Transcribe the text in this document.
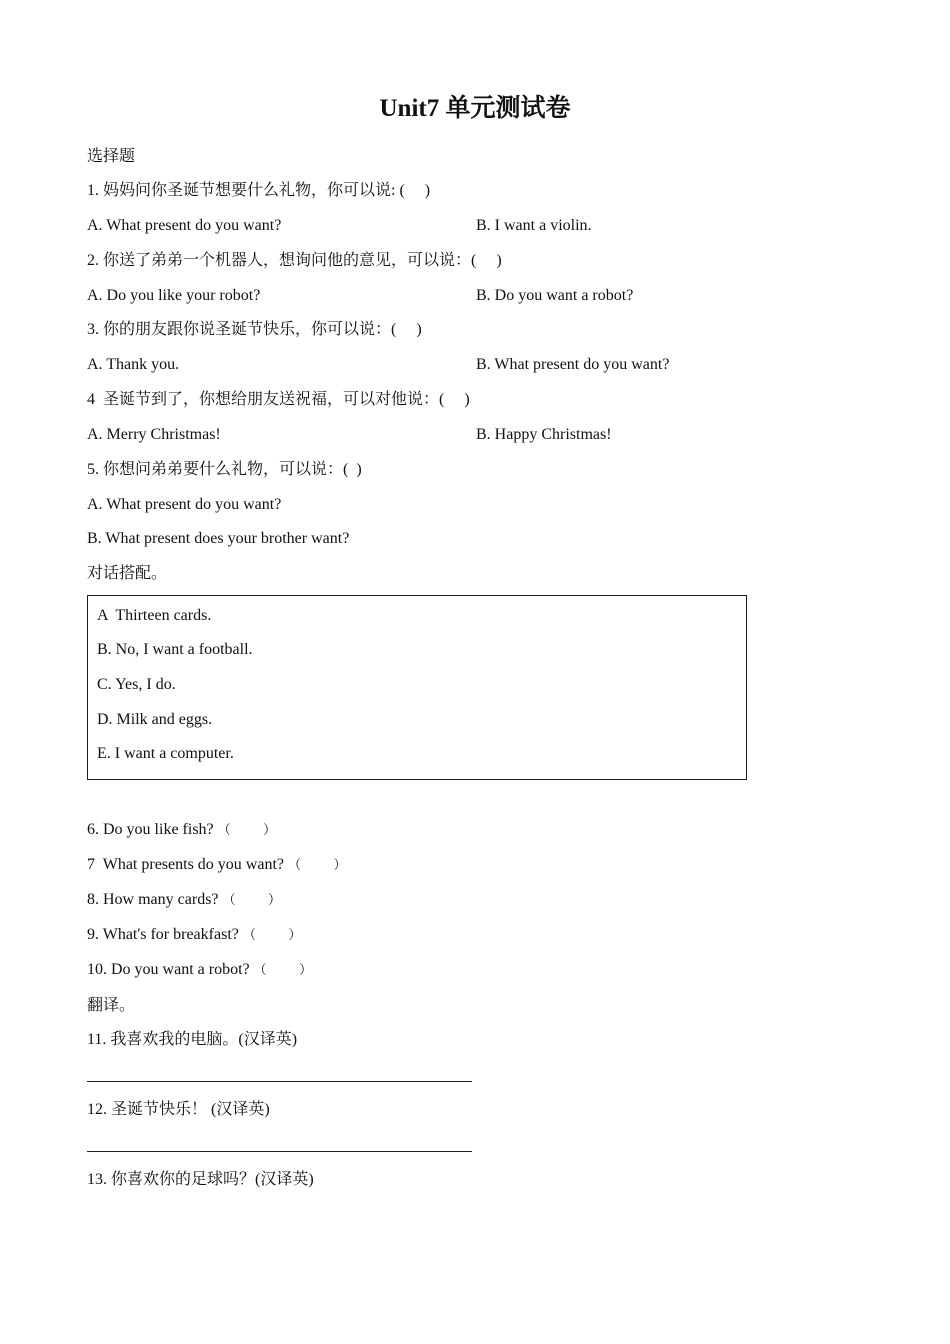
Unit7 单元测试卷
选择题
1. 妈妈问你圣诞节想要什么礼物，你可以说: (     )
A. What present do you want?	B. I want a violin.
2. 你送了弟弟一个机器人，想询问他的意见，可以说：(     )
A. Do you like your robot?	B. Do you want a robot?
3. 你的朋友跟你说圣诞节快乐，你可以说：(     )
A. Thank you.	B. What present do you want?
4  圣诞节到了，你想给朋友送祝福，可以对他说：(     )
A. Merry Christmas!	B. Happy Christmas!
5. 你想问弟弟要什么礼物，可以说：(  )
A. What present do you want?
B. What present does your brother want?
对话搭配。
A  Thirteen cards.
B. No, I want a football.
C. Yes, I do.
D. Milk and eggs.
E. I want a computer.
6. Do you like fish? （          ）
7  What presents do you want? （          ）
8. How many cards? （          ）
9. What's for breakfast? （          ）
10. Do you want a robot? （          ）
翻译。
11. 我喜欢我的电脑。(汉译英)
12. 圣诞节快乐！ (汉译英)
13. 你喜欢你的足球吗？(汉译英)
